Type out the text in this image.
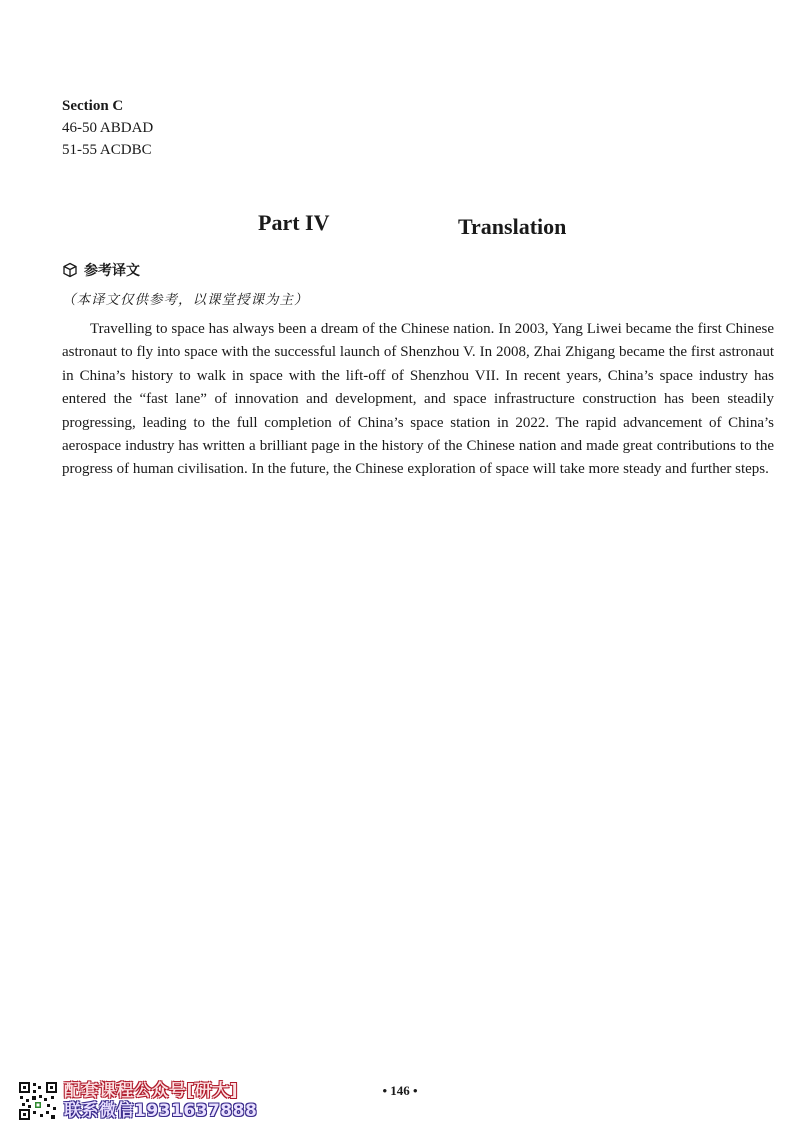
Section C
46-50 ABDAD
51-55 ACDBC
Part IV	Translation
参考译文
（本译文仅供参考，以课堂授课为主）

Travelling to space has always been a dream of the Chinese nation. In 2003, Yang Liwei became the first Chinese astronaut to fly into space with the successful launch of Shenzhou V. In 2008, Zhai Zhigang became the first astronaut in China’s history to walk in space with the lift-off of Shenzhou VII. In recent years, China’s space industry has entered the “fast lane” of innovation and development, and space infrastructure construction has been steadily progressing, leading to the full completion of China’s space station in 2022. The rapid advancement of China’s aerospace industry has written a brilliant page in the history of the Chinese nation and made great contributions to the progress of human civilisation. In the future, the Chinese exploration of space will take more steady and further steps.

配套课程公众号[研大]
联系微信1931637888
• 146 •
